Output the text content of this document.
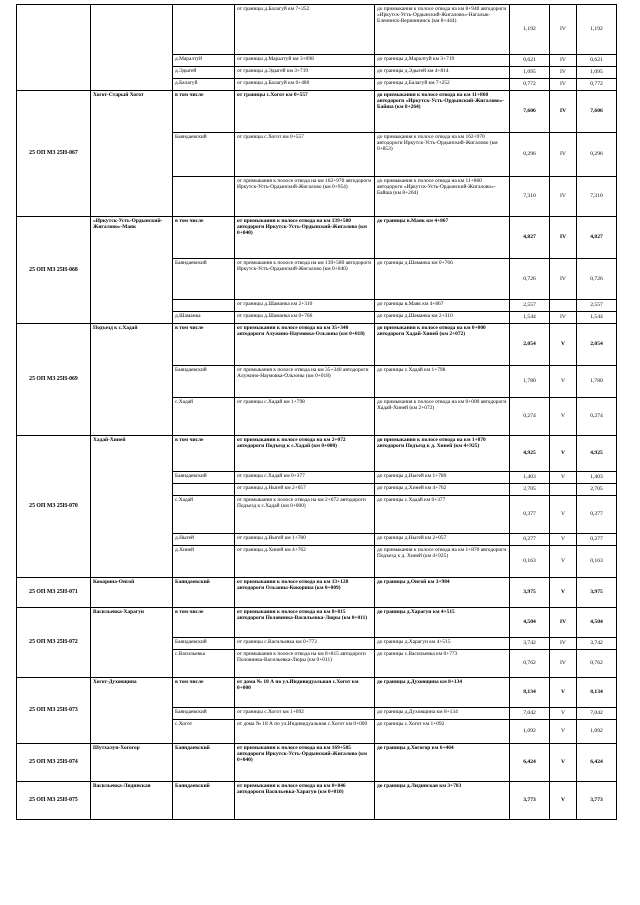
			от границы д.Балагуй км 7+252	до примыкания к полосе отвода на км 8+940 автодороги «Иркутск-Усть-Ордынский-Жигалово»-Нагалык-Еленинск-Вершининск (км 8+444)	1,192	IV	1,192
		д.Маралтуй	от границы д.Маралтуй км 3+098	до границы д.Маралтуй км 3+719	0,621	IV	0,621
		д.Эдыгей	от границы д.Эдыгей км 3+719	до границы д.Эдыгей км 4+814	1,095	IV	1,095
		д.Балагуй	от границы д.Балагуй км 6+480	до границы д.Балагуй км 7+252	0,772	IV	0,772
25 ОП МЗ 25Н-067	Хогот-Старый Хогот	в том числе	от границы с.Хогот км 0+557	до примыкания к полосе отвода на км 11+860 автодороги «Иркутск-Усть-Ордынский-Жигалово»-Байша (км 8+264)	7,606	IV	7,606
		Баяндаевский	от границы с.Хогот км 0+557	до примыкания к полосе отвода на км 162+970 автодороги Иркутск-Усть-Ордынский-Жигалово (км 0+853)	0,296	IV	0,296
			от примыкания к полосе отвода на км 162+970 автодороги Иркутск-Усть-Ордынский-Жигалово (км 0+954)	до примыкания к полосе отвода на км 11+860 автодороги «Иркутск-Усть-Ордынский-Жигалово»-Байша (км 8+264)	7,310	IV	7,310
25 ОП МЗ 25Н-068	«Иркутск-Усть-Ордынский-Жигалово»-Маяк	в том числе	от примыкания к полосе отвода на км 139+580 автодороги Иркутск-Усть-Ордынский-Жигалово (км 0+040)	до границы в.Маяк км 4+867	4,827	IV	4,827
		Баяндаевский	от примыкания к полосе отвода на км 139+580 автодороги Иркутск-Усть-Ордынский-Жигалово (км 0+040)	до границы д.Шаманка км 0+766	0,726	IV	0,726
			от границы д.Шаманка км 2+310	до границы в.Маяк км 4+867	2,557		2,557
		д.Шаманка	от границы д.Шаманка км 0+766	до границы д.Шаманка км 2+310	1,544	IV	1,544
25 ОП МЗ 25Н-069	Подъезд к с.Хадай	в том числе	от примыкания к полосе отвода на км 35+340 автодороги Алужино-Наумовка-Ользоны (км 0+018)	до примыкания к полосе отвода на км 0+000 автодороги Хадай-Хиней (км 2+072)	2,054	V	2,054
		Баяндаевский	от примыкания к полосе отвода на км 35+340 автодороги Алужино-Наумовка-Ользоны (км 0+018)	до границы с.Хадай км 1+798	1,780	V	1,780
		с.Хадай	от границы с.Хадай км 1+798	до примыкания к полосе отвода на км 0+000 автодороги Хадай-Хиней (км 2+072)	0,274	V	0,274
25 ОП МЗ 25Н-070	Хадай-Хиней	в том числе	от примыкания к полосе отвода на км 2+072 автодороги Подъезд к с.Хадай (км 0+000)	до примыкания к полосе отвода на км 1+870 автодороги Подъезд к д. Хиней (км 4+925)	4,925	V	4,925
		Баяндаевский	от границы с.Хадай км 0+377	до границы д.Ныгей км 1+780	1,403	V	1,403
			от границы д.Ныгей км 2+057	до границы д.Хиней км 4+762	2,705		2,705
		с.Хадай	от примыкания к полосе отвода на км 2+072 автодороги Подъезд к с.Хадай (км 0+000)	до границы с.Хадай км 0+377	0,377	V	0,377
		д.Ныгей	от границы д.Ныгей км 1+780	до границы д.Ныгей км 2+057	0,277	V	0,277
		д.Хиней	от границы д.Хиней км 4+762	до примыкания к полосе отвода на км 1+870 автодороги Подъезд к д. Хиней (км 4+925)	0,163	V	0,163
25 ОП МЗ 25Н-071	Кокорина-Онгой	Баяндаевский	от примыкания к полосе отвода на км 13+128 автодороги Ользоны-Кокорина (км 0+009)	до границы д.Онгой км 3+984	3,975	V	3,975
25 ОП МЗ 25Н-072	Васильевка-Харагун	в том числе	от примыкания к полосе отвода на км 8+815 автодороги Половинка-Васильевка-Люры (км 0+011)	до границы д.Харагун км 4+515	4,504	IV	4,504
		Баяндаевский	от границы с.Васильевка км 0+773	до границы д.Харагун км 4+515	3,742	IV	3,742
		с.Васильевка	от примыкания к полосе отвода на км 8+815 автодороги Половинка-Васильевка-Люры (км 0+011)	до границы с.Васильевка км 0+773	0,762	IV	0,762
25 ОП МЗ 25Н-073	Хогот-Духовщина	в том числе	от дома № 18 А по ул.Индивидуальная с.Хогот км 0+000	до границы д.Духовщина км 8+134	8,134	V	8,134
		Баяндаевский	от границы с.Хогот км 1+092	до границы д.Духовщина км 8+134	7,042	V	7,042
		с.Хогот	от дома № 18 А по ул.Индивидуальная с.Хогот км 0+000	до границы с.Хогот км 1+092	1,092	V	1,092
25 ОП МЗ 25Н-074	Шутхалун-Хогогор	Баяндаевский	от примыкания к полосе отвода на км 169+505 автодороги Иркутск-Усть-Ордынский-Жигалово (км 0+040)	до границы д.Хогогор км 6+464	6,424	V	6,424
25 ОП МЗ 25Н-075	Васильевка-Лидинская	Баяндаевский	от примыкания к полосе отвода на км 0+846 автодороги Васильевка-Харагун (км 0+010)	до границы д.Лидинская км 3+783	3,773	V	3,773
